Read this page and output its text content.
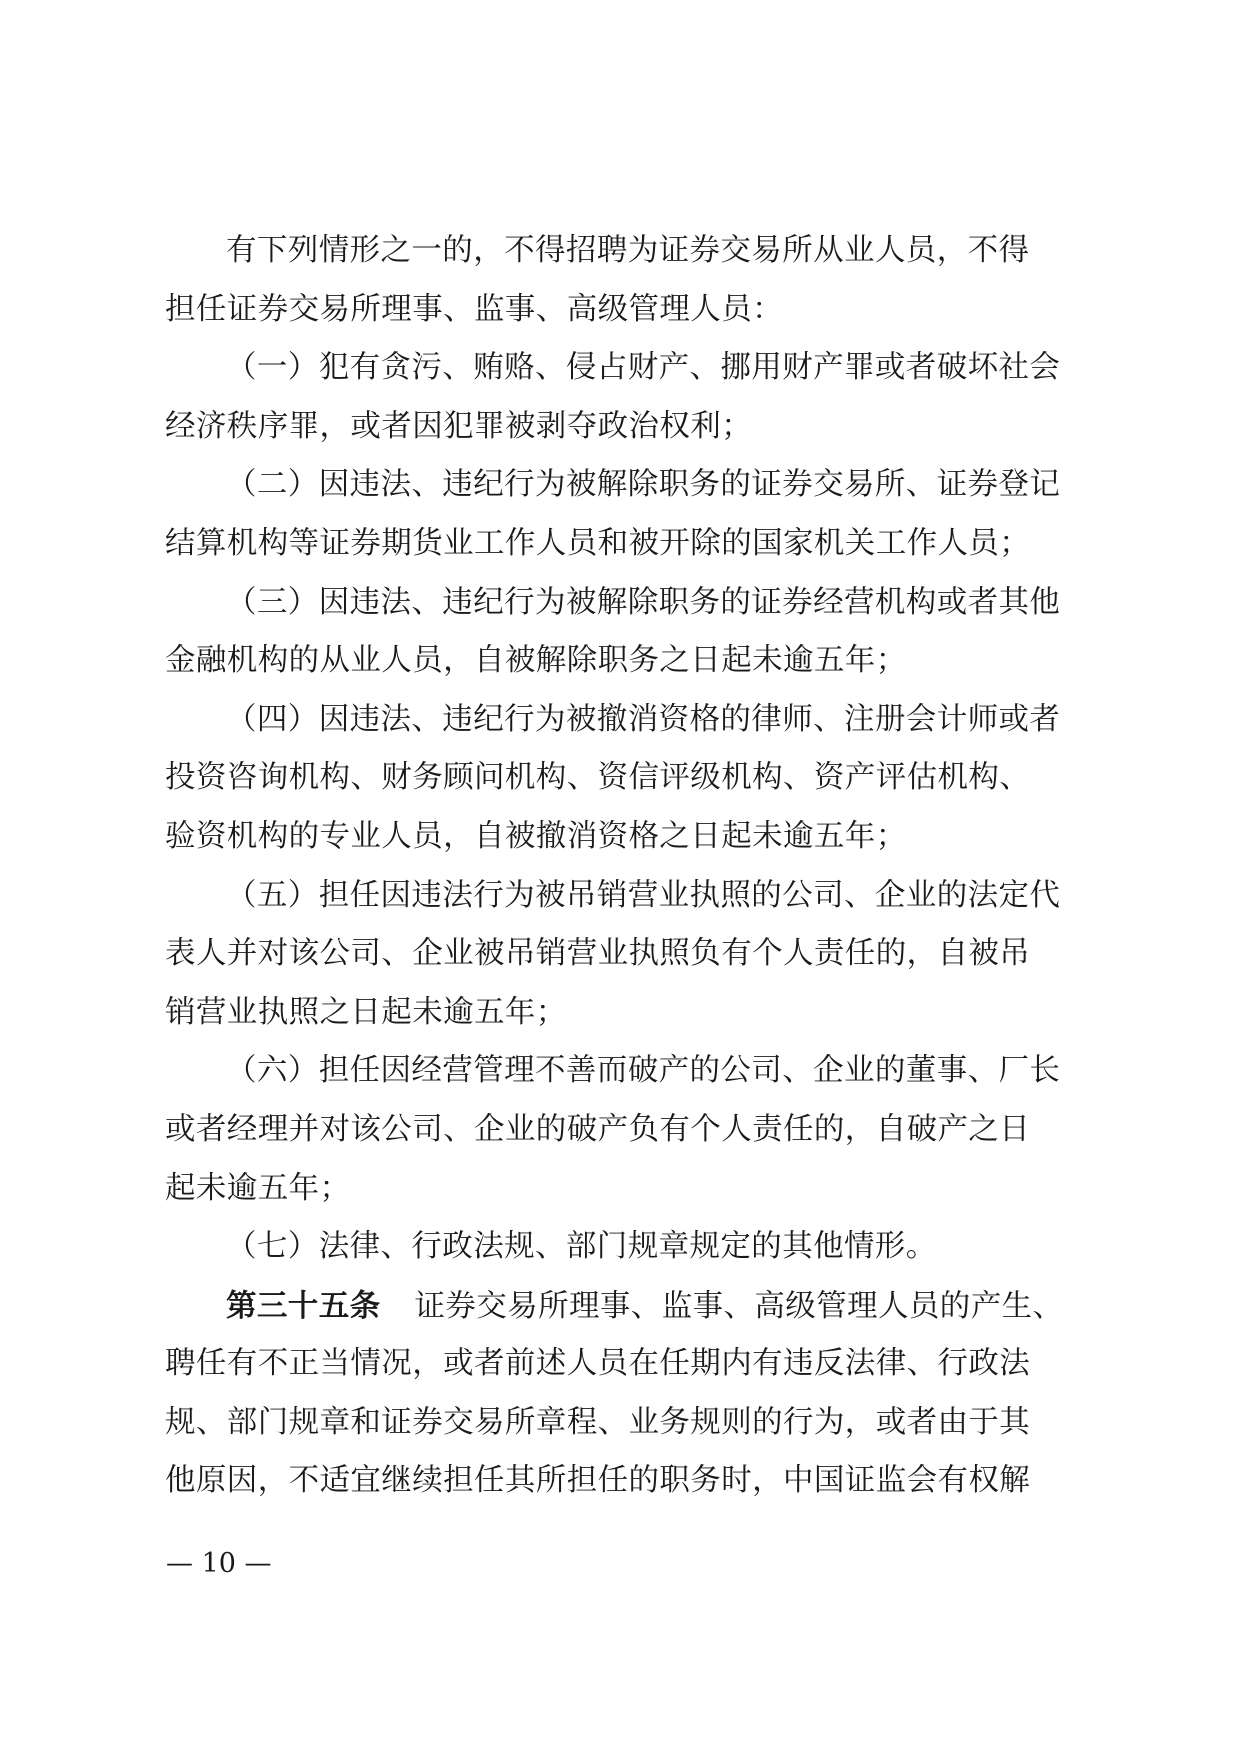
有下列情形之一的，不得招聘为证券交易所从业人员，不得
担任证券交易所理事、监事、高级管理人员：
（一）犯有贪污、贿赂、侵占财产、挪用财产罪或者破坏社会
经济秩序罪，或者因犯罪被剥夺政治权利；
（二）因违法、违纪行为被解除职务的证券交易所、证券登记
结算机构等证券期货业工作人员和被开除的国家机关工作人员；
（三）因违法、违纪行为被解除职务的证券经营机构或者其他
金融机构的从业人员，自被解除职务之日起未逾五年；
（四）因违法、违纪行为被撤消资格的律师、注册会计师或者
投资咨询机构、财务顾问机构、资信评级机构、资产评估机构、
验资机构的专业人员，自被撤消资格之日起未逾五年；
（五）担任因违法行为被吊销营业执照的公司、企业的法定代
表人并对该公司、企业被吊销营业执照负有个人责任的，自被吊
销营业执照之日起未逾五年；
（六）担任因经营管理不善而破产的公司、企业的董事、厂长
或者经理并对该公司、企业的破产负有个人责任的，自破产之日
起未逾五年；
（七）法律、行政法规、部门规章规定的其他情形。
第三十五条 证券交易所理事、监事、高级管理人员的产生、
聘任有不正当情况，或者前述人员在任期内有违反法律、行政法
规、部门规章和证券交易所章程、业务规则的行为，或者由于其
他原因，不适宜继续担任其所担任的职务时，中国证监会有权解
— 10 —
